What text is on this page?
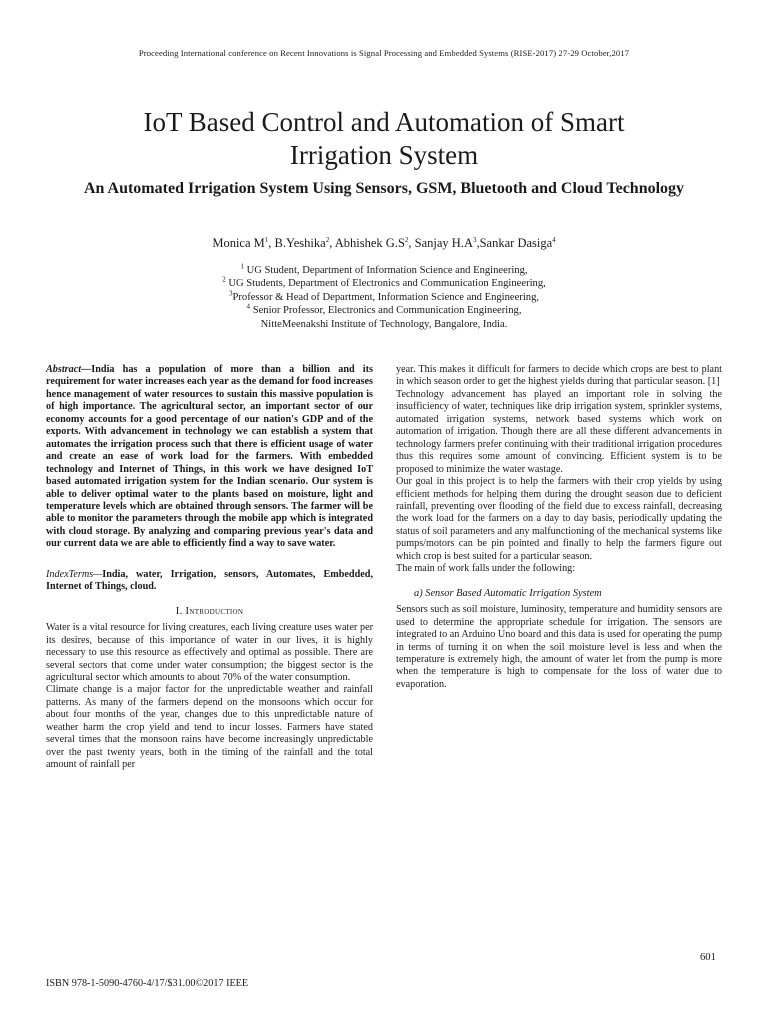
Proceeding International conference on Recent Innovations is Signal Processing and Embedded Systems (RISE-2017) 27-29 October,2017
IoT Based Control and Automation of Smart
Irrigation System
An Automated Irrigation System Using Sensors, GSM, Bluetooth and Cloud Technology
Monica $M^1$, B.Yeshika$^2$, Abhishek $G.S^2$, Sanjay $H.A^3,Sankar$ Dasiga$^4$
$^1$ UG Student, Department of Information Science and Engineering,
$^2$ UG Students, Department of Electronics and Communication Engineering,
$^3$Professor & Head of Department, Information Science and Engineering,
$^4$ Senior Professor, Electronics and Communication Engineering,
NitteMeenakshi Institute of Technology, Bangalore, India.

Abstract—India has a population of more than a billion and its requirement for water increases each year as the demand for food increases hence management of water resources to sustain this massive population is of high importance. The agricultural sector, an important sector of our economy accounts for a good percentage of our nation's GDP and of the exports. With advancement in technology we can establish a system that automates the irrigation process such that there is efficient usage of water and create an ease of work load for the farmers. With embedded technology and Internet of Things, in this work we have designed IoT based automated irrigation system for the Indian scenario. Our system is able to deliver optimal water to the plants based on moisture, light and temperature levels which are obtained through sensors. The farmer will be able to monitor the parameters through the mobile app which is integrated with cloud storage. By analyzing and comparing previous year's data and our current data we are able to efficiently find a way to save water.

IndexTerms—India, water, Irrigation, sensors, Automates, Embedded, Internet of Things, cloud.

I. Introduction

Water is a vital resource for living creatures, each living creature uses water per its desires, because of this importance of water in our lives, it is highly necessary to use this resource as effectively and optimal as possible. There are several sectors that come under water consumption; the biggest sector is the agricultural sector which amounts to about 70% of the water consumption.

Climate change is a major factor for the unpredictable weather and rainfall patterns. As many of the farmers depend on the monsoons which occur for about four months of the year, changes due to this unpredictable nature of weather harm the crop yield and tend to incur losses. Farmers have stated several times that the monsoon rains have become increasingly unpredictable over the past twenty years, both in the timing of the rainfall and the total amount of rainfall per

year. This makes it difficult for farmers to decide which crops are best to plant in which season order to get the highest yields during that particular season. [1]

Technology advancement has played an important role in solving the insufficiency of water, techniques like drip irrigation system, sprinkler systems, automated irrigation systems, network based systems which work on automation of irrigation. Though there are all these different advancements in technology farmers prefer continuing with their traditional irrigation procedures thus this requires some amount of convincing. Efficient system is to be proposed to minimize the water wastage.

Our goal in this project is to help the farmers with their crop yields by using efficient methods for helping them during the drought season due to deficient rainfall, preventing over flooding of the field due to excess rainfall, decreasing the work load for the farmers on a day to day basis, periodically updating the status of soil parameters and any malfunctioning of the mechanical systems like pumps/motors can be pin pointed and finally to help the farmers figure out which crop is best suited for a particular season.

The main of work falls under the following:

a) Sensor Based Automatic Irrigation System

Sensors such as soil moisture, luminosity, temperature and humidity sensors are used to determine the appropriate schedule for irrigation. The sensors are integrated to an Arduino Uno board and this data is used for operating the pump in terms of turning it on when the soil moisture level is less and when the temperature is extremely high, the amount of water let from the pump is more when the temperature is high to compensate for the loss of water due to evaporation.

601
ISBN 978-1-5090-4760-4/17/$31.00©2017 IEEE
